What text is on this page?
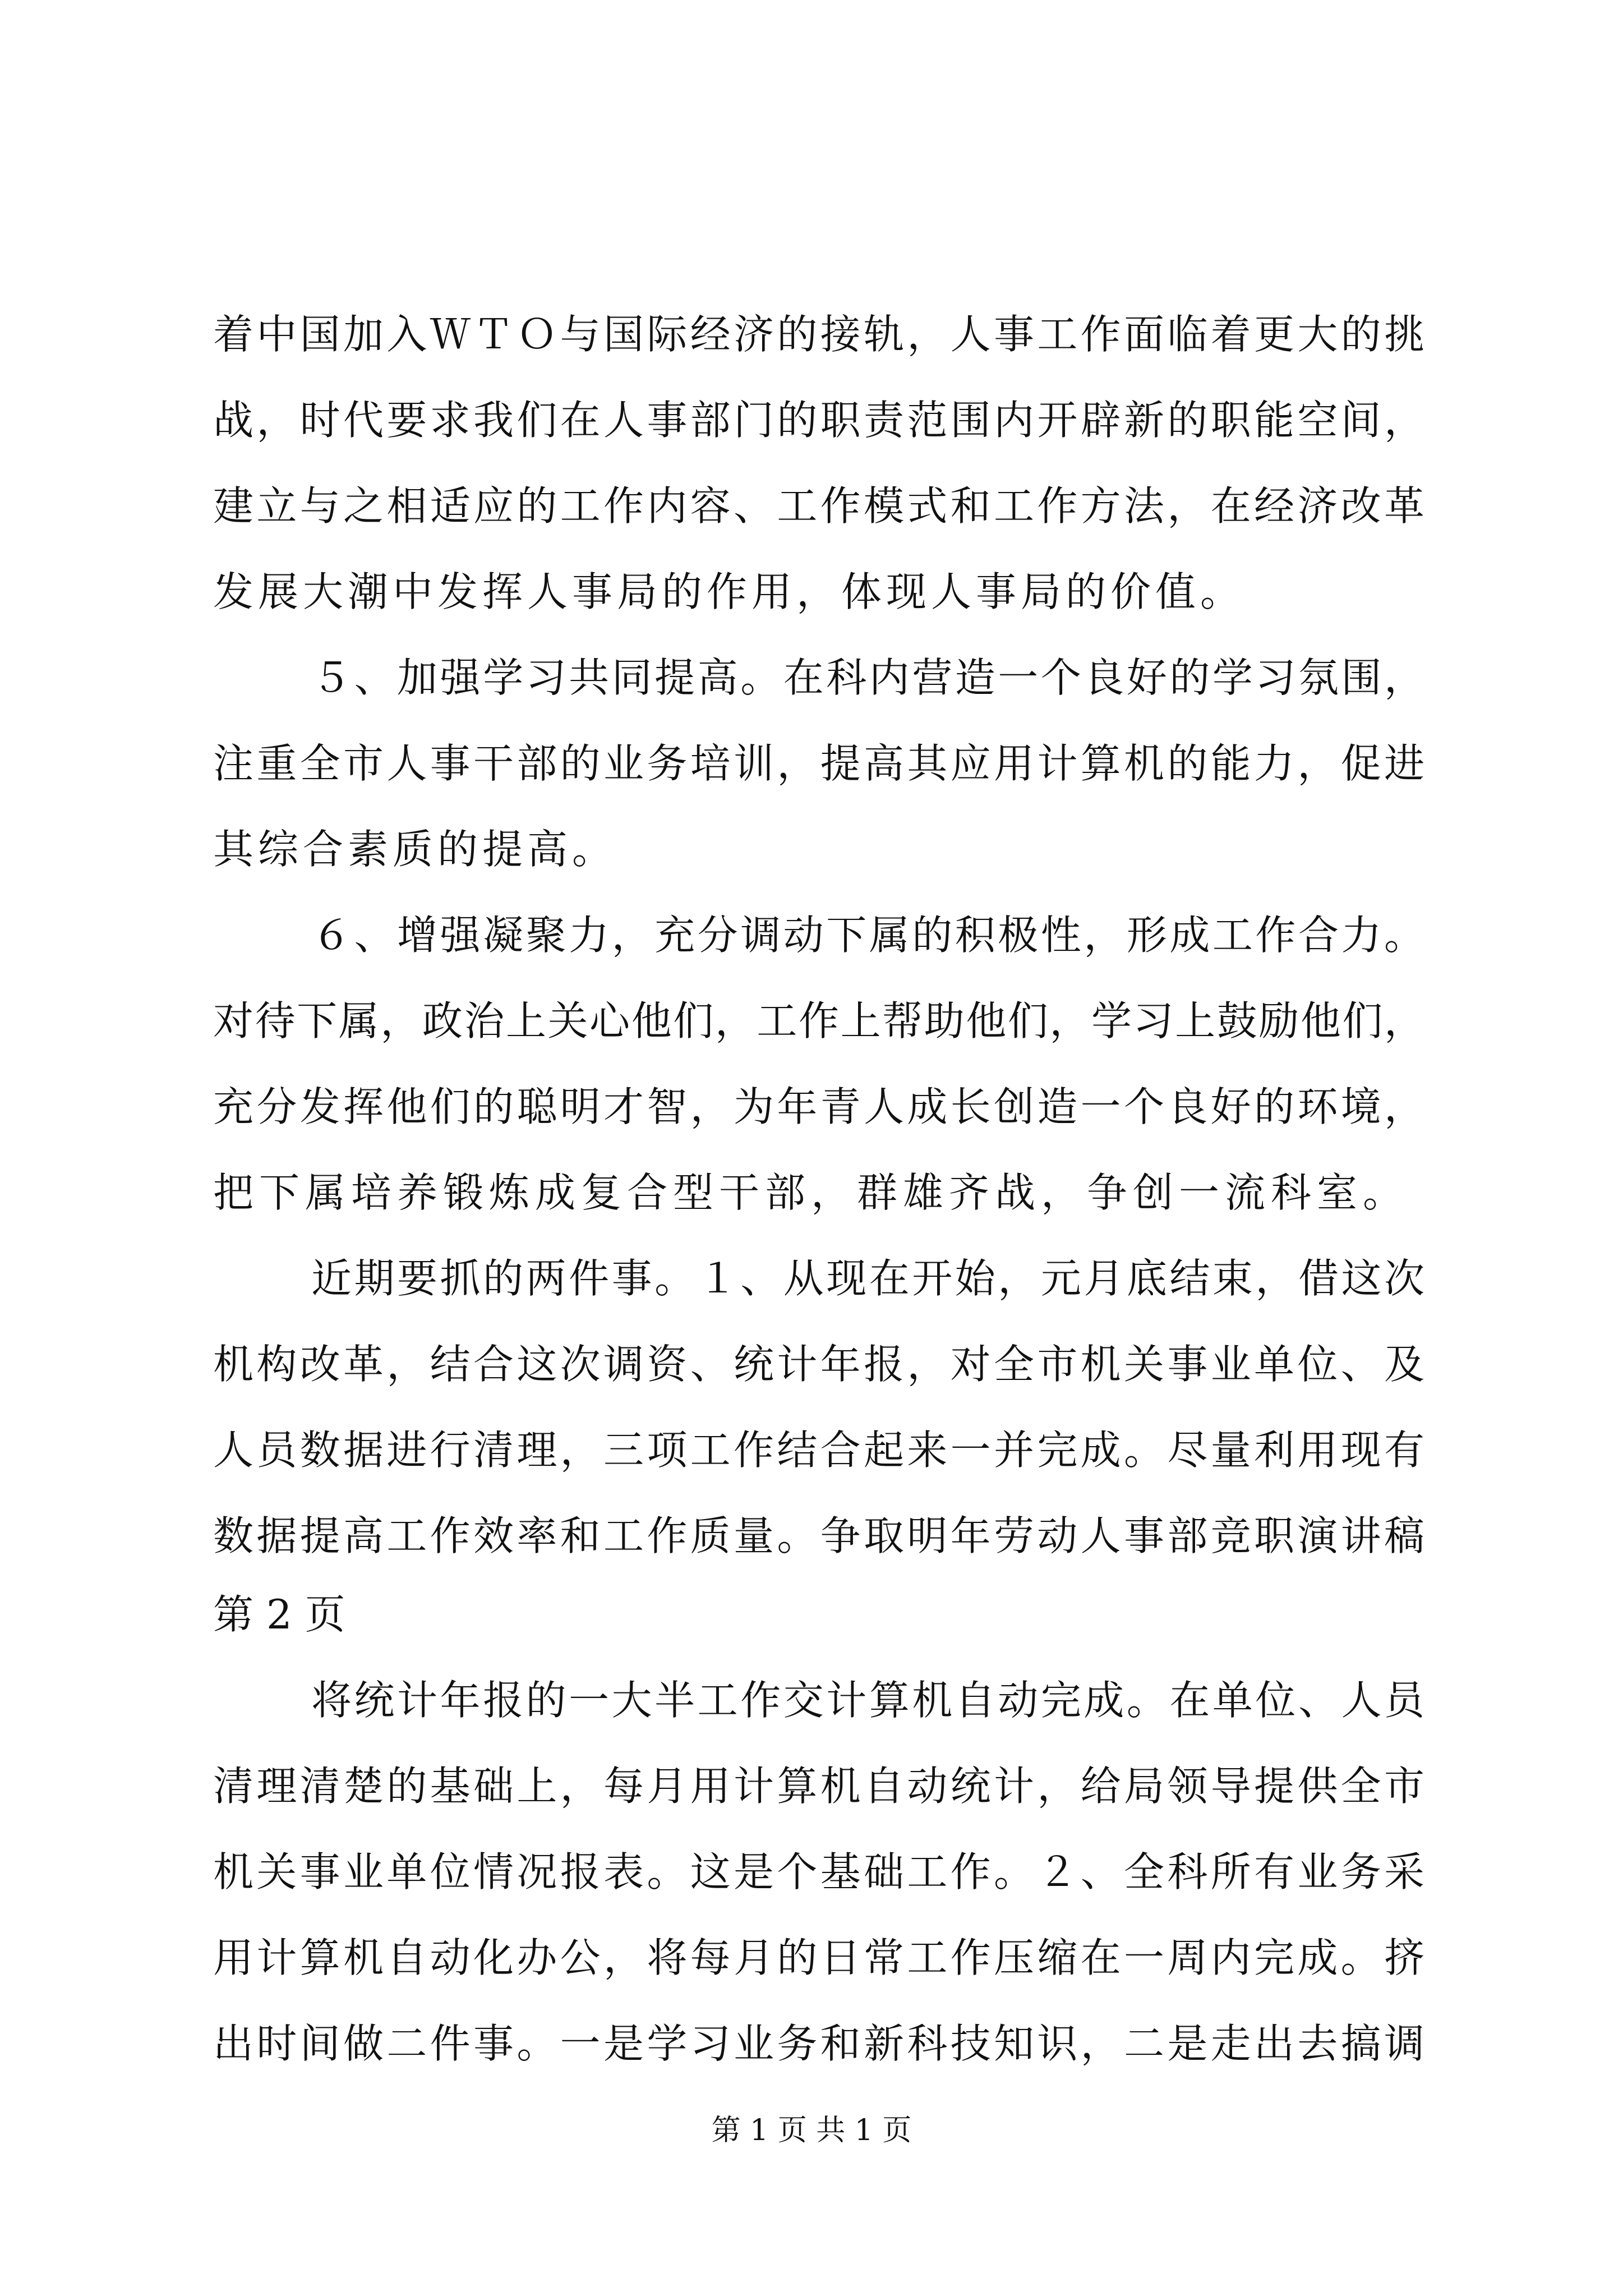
着中国加入ＷＴＯ与国际经济的接轨，人事工作面临着更大的挑
战，时代要求我们在人事部门的职责范围内开辟新的职能空间，
建立与之相适应的工作内容、工作模式和工作方法，在经济改革
发展大潮中发挥人事局的作用，体现人事局的价值。
５、加强学习共同提高。在科内营造一个良好的学习氛围，
注重全市人事干部的业务培训，提高其应用计算机的能力，促进
其综合素质的提高。
６、增强凝聚力，充分调动下属的积极性，形成工作合力。
对待下属，政治上关心他们，工作上帮助他们，学习上鼓励他们，
充分发挥他们的聪明才智，为年青人成长创造一个良好的环境，
把下属培养锻炼成复合型干部，群雄齐战，争创一流科室。
近期要抓的两件事。１、从现在开始，元月底结束，借这次
机构改革，结合这次调资、统计年报，对全市机关事业单位、及
人员数据进行清理，三项工作结合起来一并完成。尽量利用现有
数据提高工作效率和工作质量。争取明年劳动人事部竞职演讲稿
第 2 页
将统计年报的一大半工作交计算机自动完成。在单位、人员
清理清楚的基础上，每月用计算机自动统计，给局领导提供全市
机关事业单位情况报表。这是个基础工作。２、全科所有业务采
用计算机自动化办公，将每月的日常工作压缩在一周内完成。挤
出时间做二件事。一是学习业务和新科技知识，二是走出去搞调
第 1 页 共 1 页
